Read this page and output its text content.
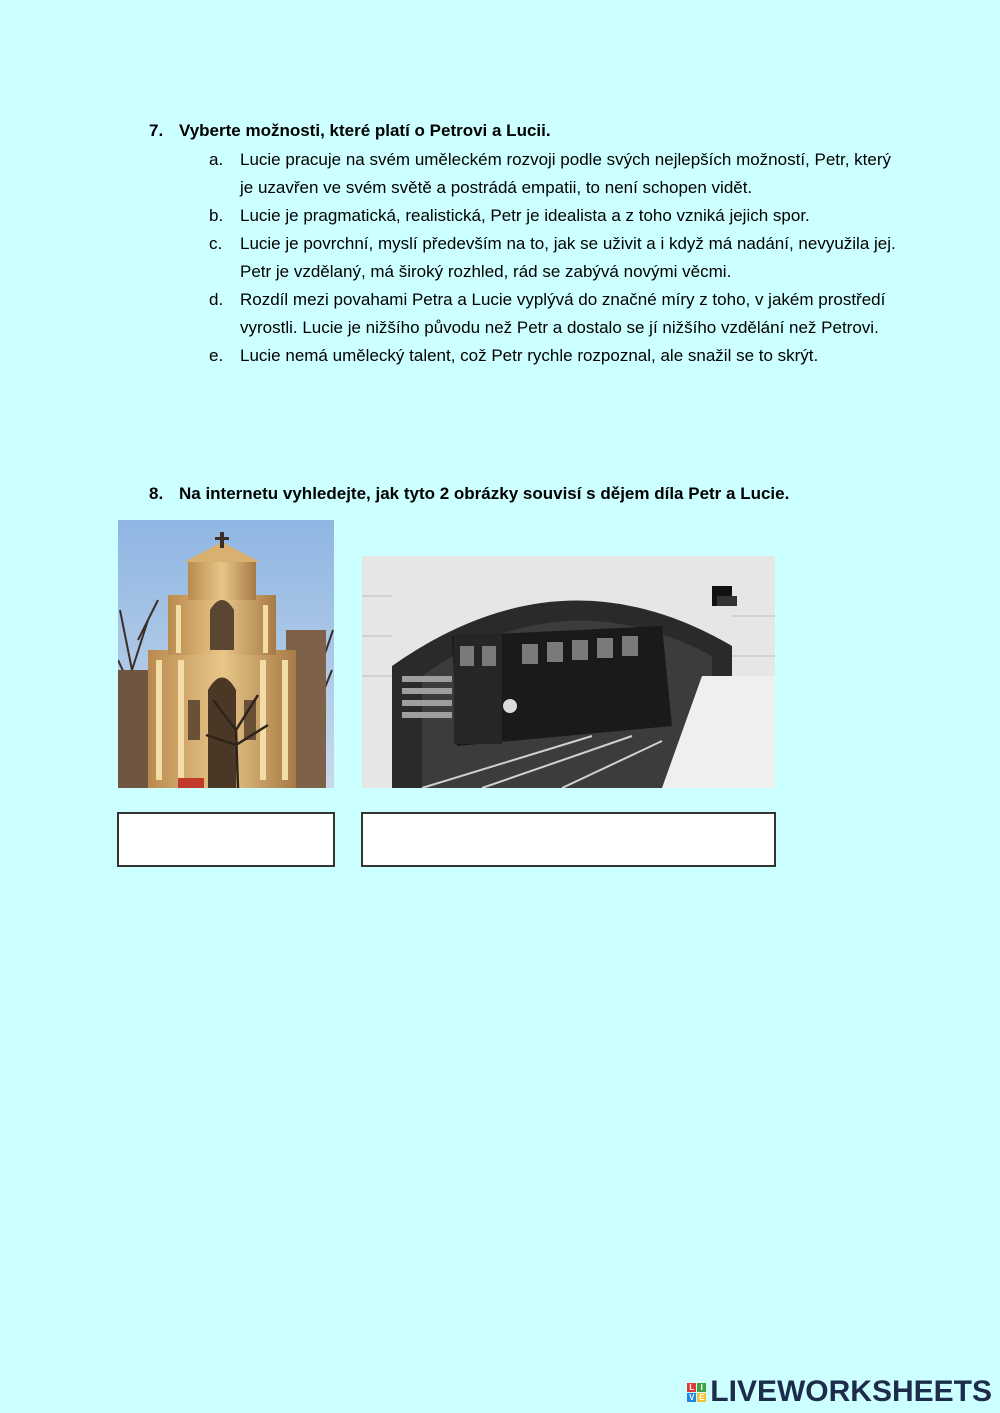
7. Vyberte možnosti, které platí o Petrovi a Lucii.
a. Lucie pracuje na svém uměleckém rozvoji podle svých nejlepších možností, Petr, který je uzavřen ve svém světě a postrádá empatii, to není schopen vidět.
b. Lucie je pragmatická, realistická, Petr je idealista a z toho vzniká jejich spor.
c. Lucie je povrchní, myslí především na to, jak se uživit a i když má nadání, nevyužila jej. Petr je vzdělaný, má široký rozhled, rád se zabývá novými věcmi.
d. Rozdíl mezi povahami Petra a Lucie vyplývá do značné míry z toho, v jakém prostředí vyrostli. Lucie je nižšího původu než Petr a dostalo se jí nižšího vzdělání než Petrovi.
e. Lucie nemá umělecký talent, což Petr rychle rozpoznal, ale snažil se to skrýt.
8. Na internetu vyhledejte, jak tyto 2 obrázky souvisí s dějem díla Petr a Lucie.
L I
V E LIVEWORKSHEETS
